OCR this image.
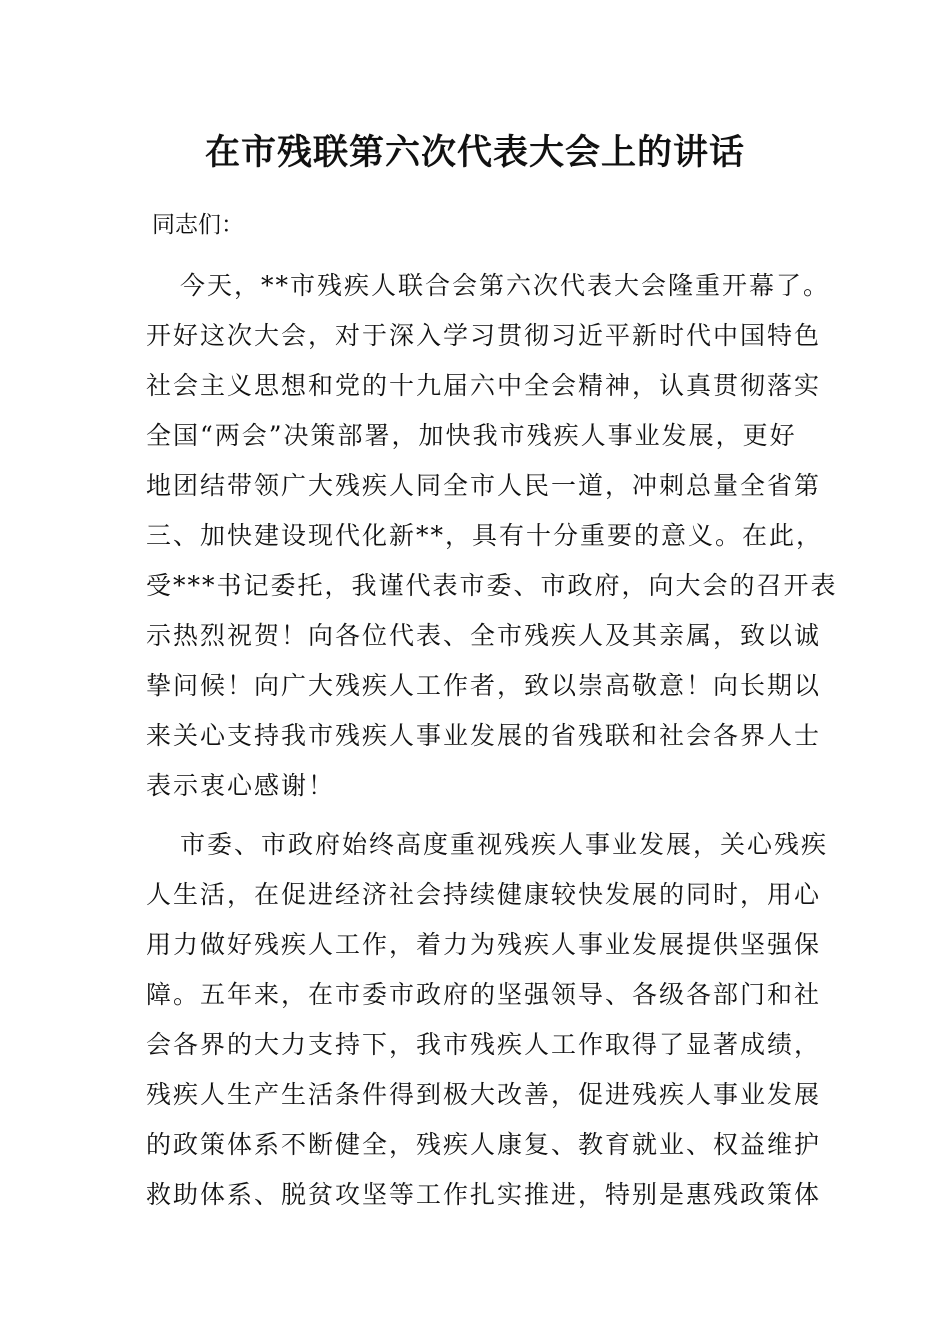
在市残联第六次代表大会上的讲话

同志们：

今天，**市残疾人联合会第六次代表大会隆重开幕了。
开好这次大会，对于深入学习贯彻习近平新时代中国特色
社会主义思想和党的十九届六中全会精神，认真贯彻落实
全国“两会”决策部署，加快我市残疾人事业发展，更好
地团结带领广大残疾人同全市人民一道，冲刺总量全省第
三、加快建设现代化新**，具有十分重要的意义。在此，
受***书记委托，我谨代表市委、市政府，向大会的召开表
示热烈祝贺！向各位代表、全市残疾人及其亲属，致以诚
挚问候！向广大残疾人工作者，致以崇高敬意！向长期以
来关心支持我市残疾人事业发展的省残联和社会各界人士
表示衷心感谢！
市委、市政府始终高度重视残疾人事业发展，关心残疾
人生活，在促进经济社会持续健康较快发展的同时，用心
用力做好残疾人工作，着力为残疾人事业发展提供坚强保
障。五年来，在市委市政府的坚强领导、各级各部门和社
会各界的大力支持下，我市残疾人工作取得了显著成绩，
残疾人生产生活条件得到极大改善，促进残疾人事业发展
的政策体系不断健全，残疾人康复、教育就业、权益维护
救助体系、脱贫攻坚等工作扎实推进，特别是惠残政策体
